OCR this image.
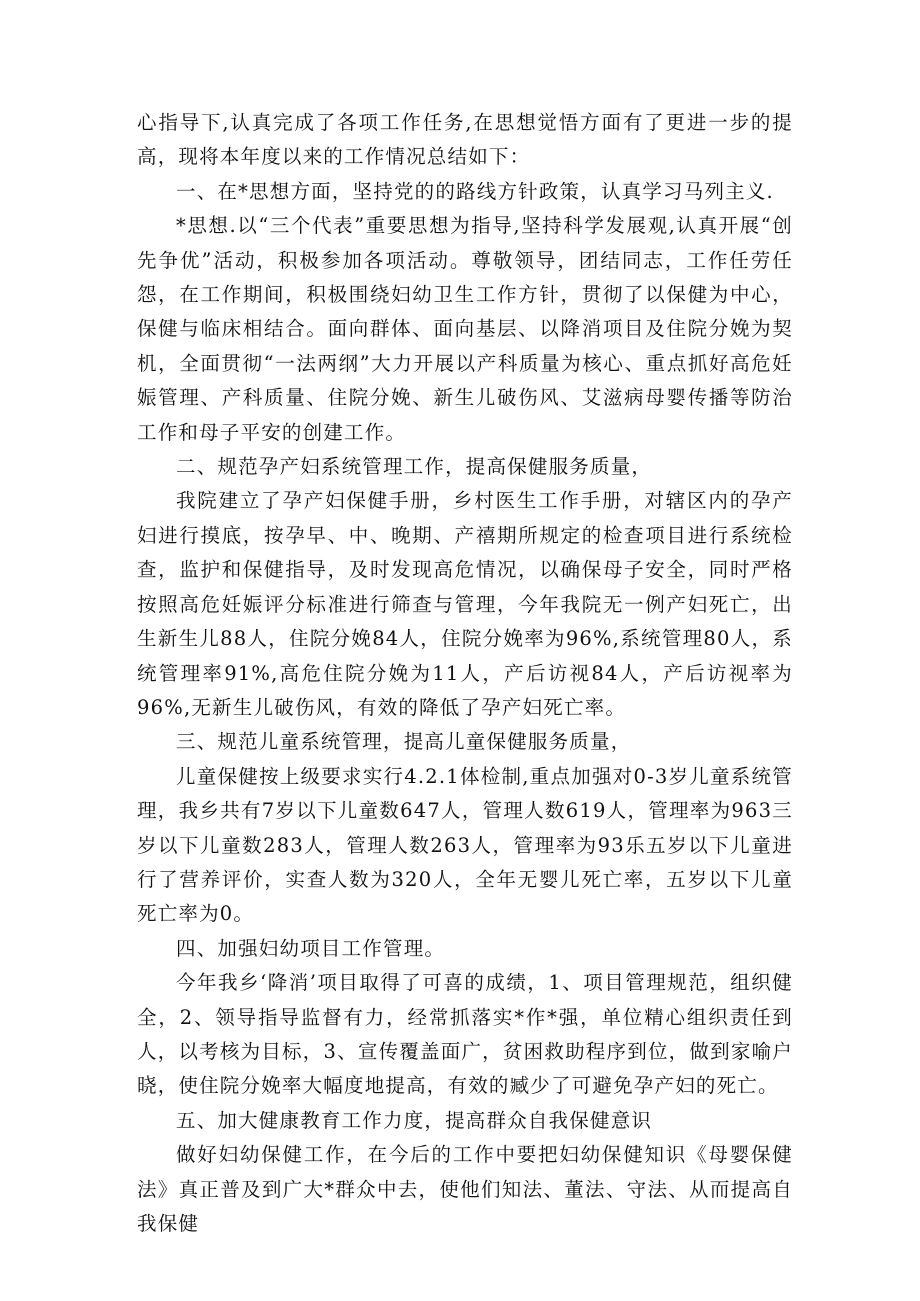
心指导下,认真完成了各项工作任务,在思想觉悟方面有了更进一步的提高，现将本年度以来的工作情况总结如下：

一、在*思想方面，坚持党的的路线方针政策，认真学习马列主义.

*思想.以“三个代表”重要思想为指导,坚持科学发展观,认真开展“创先争优”活动，积极参加各项活动。尊敬领导，团结同志，工作任劳任怨，在工作期间，积极围绕妇幼卫生工作方针，贯彻了以保健为中心，保健与临床相结合。面向群体、面向基层、以降消项目及住院分娩为契机，全面贯彻“一法两纲”大力开展以产科质量为核心、重点抓好高危妊娠管理、产科质量、住院分娩、新生儿破伤风、艾滋病母婴传播等防治工作和母子平安的创建工作。

二、规范孕产妇系统管理工作，提高保健服务质量，

我院建立了孕产妇保健手册，乡村医生工作手册，对辖区内的孕产妇进行摸底，按孕早、中、晚期、产禧期所规定的检查项目进行系统检查，监护和保健指导，及时发现高危情况，以确保母子安全，同时严格按照高危妊娠评分标准进行筛查与管理，今年我院无一例产妇死亡，出生新生儿88人，住院分娩84人，住院分娩率为96%,系统管理80人，系统管理率91%,高危住院分娩为11人，产后访视84人，产后访视率为96%,无新生儿破伤风，有效的降低了孕产妇死亡率。

三、规范儿童系统管理，提高儿童保健服务质量，

儿童保健按上级要求实行4.2.1体检制,重点加强对0-3岁儿童系统管理，我乡共有7岁以下儿童数647人，管理人数619人，管理率为963三岁以下儿童数283人，管理人数263人，管理率为93乐五岁以下儿童进行了营养评价，实查人数为320人，全年无婴儿死亡率，五岁以下儿童死亡率为0。

四、加强妇幼项目工作管理。

今年我乡‘降消’项目取得了可喜的成绩，1、项目管理规范，组织健全，2、领导指导监督有力，经常抓落实*作*强，单位精心组织责任到人，以考核为目标，3、宣传覆盖面广，贫困救助程序到位，做到家喻户晓，使住院分娩率大幅度地提高，有效的臧少了可避免孕产妇的死亡。

五、加大健康教育工作力度，提高群众自我保健意识

做好妇幼保健工作，在今后的工作中要把妇幼保健知识《母婴保健法》真正普及到广大*群众中去，使他们知法、董法、守法、从而提高自我保健
